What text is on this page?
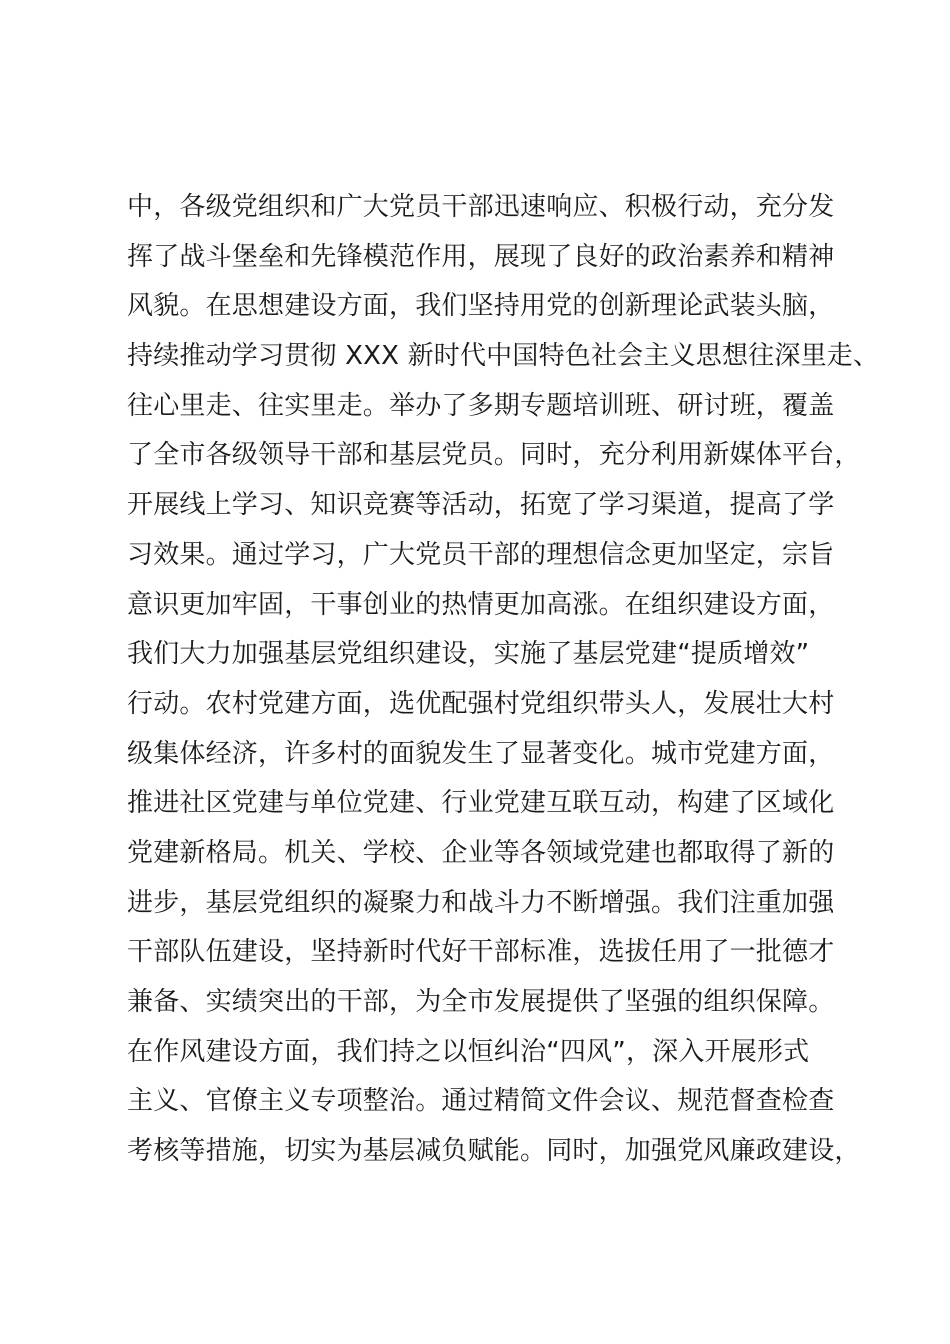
中，各级党组织和广大党员干部迅速响应、积极行动，充分发
挥了战斗堡垒和先锋模范作用，展现了良好的政治素养和精神
风貌。在思想建设方面，我们坚持用党的创新理论武装头脑，
持续推动学习贯彻 XXX 新时代中国特色社会主义思想往深里走、
往心里走、往实里走。举办了多期专题培训班、研讨班，覆盖
了全市各级领导干部和基层党员。同时，充分利用新媒体平台，
开展线上学习、知识竞赛等活动，拓宽了学习渠道，提高了学
习效果。通过学习，广大党员干部的理想信念更加坚定，宗旨
意识更加牢固，干事创业的热情更加高涨。在组织建设方面，
我们大力加强基层党组织建设，实施了基层党建“提质增效”
行动。农村党建方面，选优配强村党组织带头人，发展壮大村
级集体经济，许多村的面貌发生了显著变化。城市党建方面，
推进社区党建与单位党建、行业党建互联互动，构建了区域化
党建新格局。机关、学校、企业等各领域党建也都取得了新的
进步，基层党组织的凝聚力和战斗力不断增强。我们注重加强
干部队伍建设，坚持新时代好干部标准，选拔任用了一批德才
兼备、实绩突出的干部，为全市发展提供了坚强的组织保障。
在作风建设方面，我们持之以恒纠治“四风”，深入开展形式
主义、官僚主义专项整治。通过精简文件会议、规范督查检查
考核等措施，切实为基层减负赋能。同时，加强党风廉政建设，
